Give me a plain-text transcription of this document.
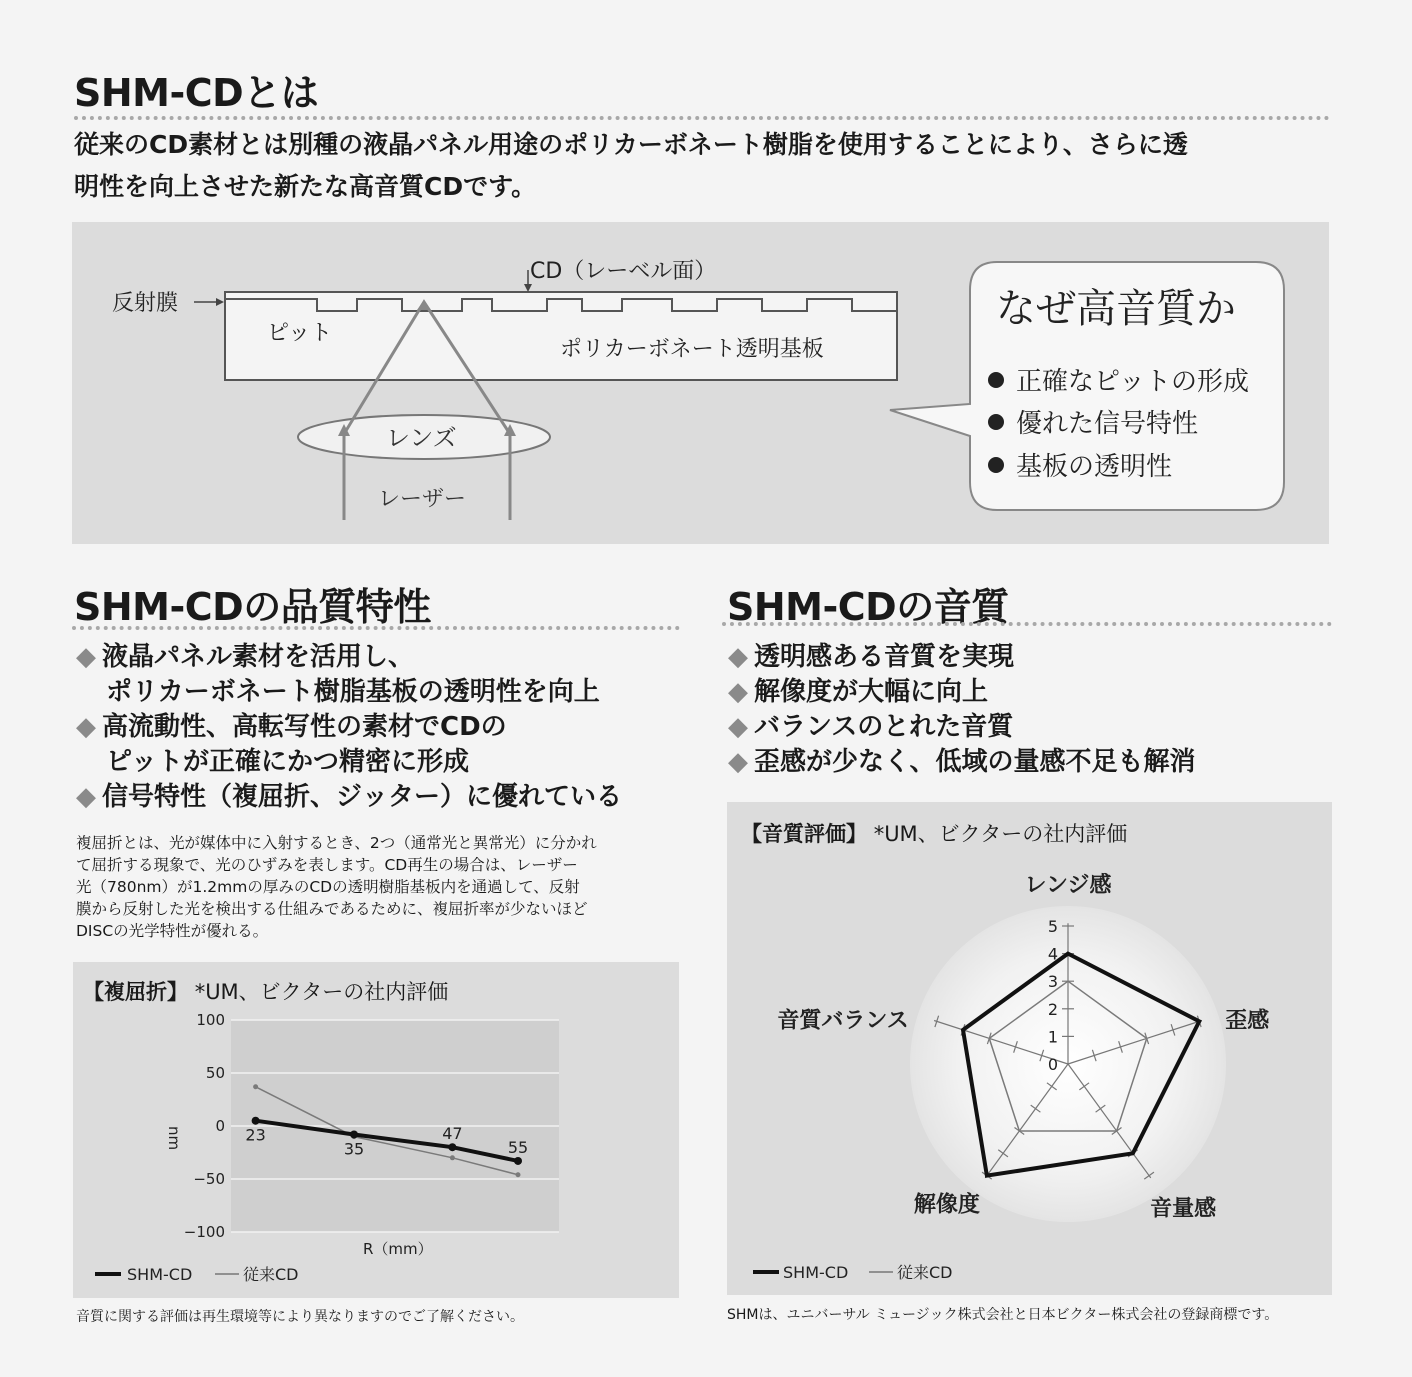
SHM-CDとは
従来のCD素材とは別種の液晶パネル用途のポリカーボネート樹脂を使用することにより、さらに透
明性を向上させた新たな高音質CDです。
CD（レーベル面）
反射膜
ピット
ポリカーボネート透明基板
レンズ
レーザー
なぜ高音質か
正確なピットの形成
優れた信号特性
基板の透明性
SHM-CDの品質特性
◆ 液晶パネル素材を活用し、
ポリカーボネート樹脂基板の透明性を向上
◆ 高流動性、高転写性の素材でCDの
ピットが正確にかつ精密に形成
◆ 信号特性（複屈折、ジッター）に優れている
複屈折とは、光が媒体中に入射するとき、2つ（通常光と異常光）に分かれ
て屈折する現象で、光のひずみを表します。CD再生の場合は、レーザー
光（780nm）が1.2mmの厚みのCDの透明樹脂基板内を通過して、反射
膜から反射した光を検出する仕組みであるために、複屈折率が少ないほど
DISCの光学特性が優れる。
【複屈折】 *UM、ビクターの社内評価
100
50
0
−50
−100
23
35
47
55
R（mm）
nm
SHM-CD	従来CD
音質に関する評価は再生環境等により異なりますのでご了解ください。
SHM-CDの音質
◆ 透明感ある音質を実現
◆ 解像度が大幅に向上
◆ バランスのとれた音質
◆ 歪感が少なく、低域の量感不足も解消
【音質評価】 *UM、ビクターの社内評価
0
1
2
3
4
5
レンジ感
歪感
音量感
解像度
音質バランス
SHM-CD	従来CD
SHMは、ユニバーサル ミュージック株式会社と日本ビクター株式会社の登録商標です。
